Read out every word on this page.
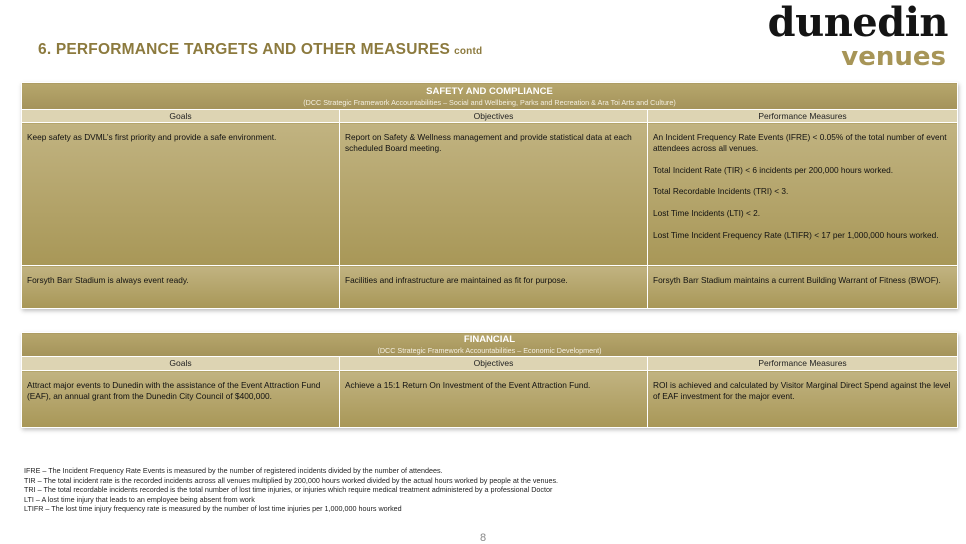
6. PERFORMANCE TARGETS AND OTHER MEASURES contd
dunedin
venues
SAFETY AND COMPLIANCE
(DCC Strategic Framework Accountabilities – Social and Wellbeing, Parks and Recreation & Ara Toi Arts and Culture)		

Goals	Objectives	Performance Measures

Keep safety as DVML’s first priority and provide a safe environment.	Report on Safety & Wellness management and provide statistical data at each scheduled Board meeting.	An Incident Frequency Rate Events (IFRE) < 0.05% of the total number of event attendees across all venues.

Total Incident Rate (TIR) < 6 incidents per 200,000 hours worked.

Total Recordable Incidents (TRI) < 3.

Lost Time Incidents (LTI) < 2.

Lost Time Incident Frequency Rate (LTIFR) < 17 per 1,000,000 hours worked.

Forsyth Barr Stadium is always event ready.	Facilities and infrastructure are maintained as fit for purpose.	Forsyth Barr Stadium maintains a current Building Warrant of Fitness (BWOF).

FINANCIAL
(DCC Strategic Framework Accountabilities – Economic Development)		

Goals	Objectives	Performance Measures

Attract major events to Dunedin with the assistance of the Event Attraction Fund (EAF), an annual grant from the Dunedin City Council of $400,000.	Achieve a 15:1 Return On Investment of the Event Attraction Fund.	ROI is achieved and calculated by Visitor Marginal Direct Spend against the level of EAF investment for the major event.

IFRE – The Incident Frequency Rate Events is measured by the number of registered incidents divided by the number of attendees.
TIR – The total incident rate is the recorded incidents across all venues multiplied by 200,000 hours worked divided by the actual hours worked by people at the venues.
TRI – The total recordable incidents recorded is the total number of lost time injuries, or injuries which require medical treatment administered by a professional Doctor
LTI – A lost time injury that leads to an employee being absent from work
LTIFR – The lost time injury frequency rate is measured by the number of lost time injuries per 1,000,000 hours worked
8
